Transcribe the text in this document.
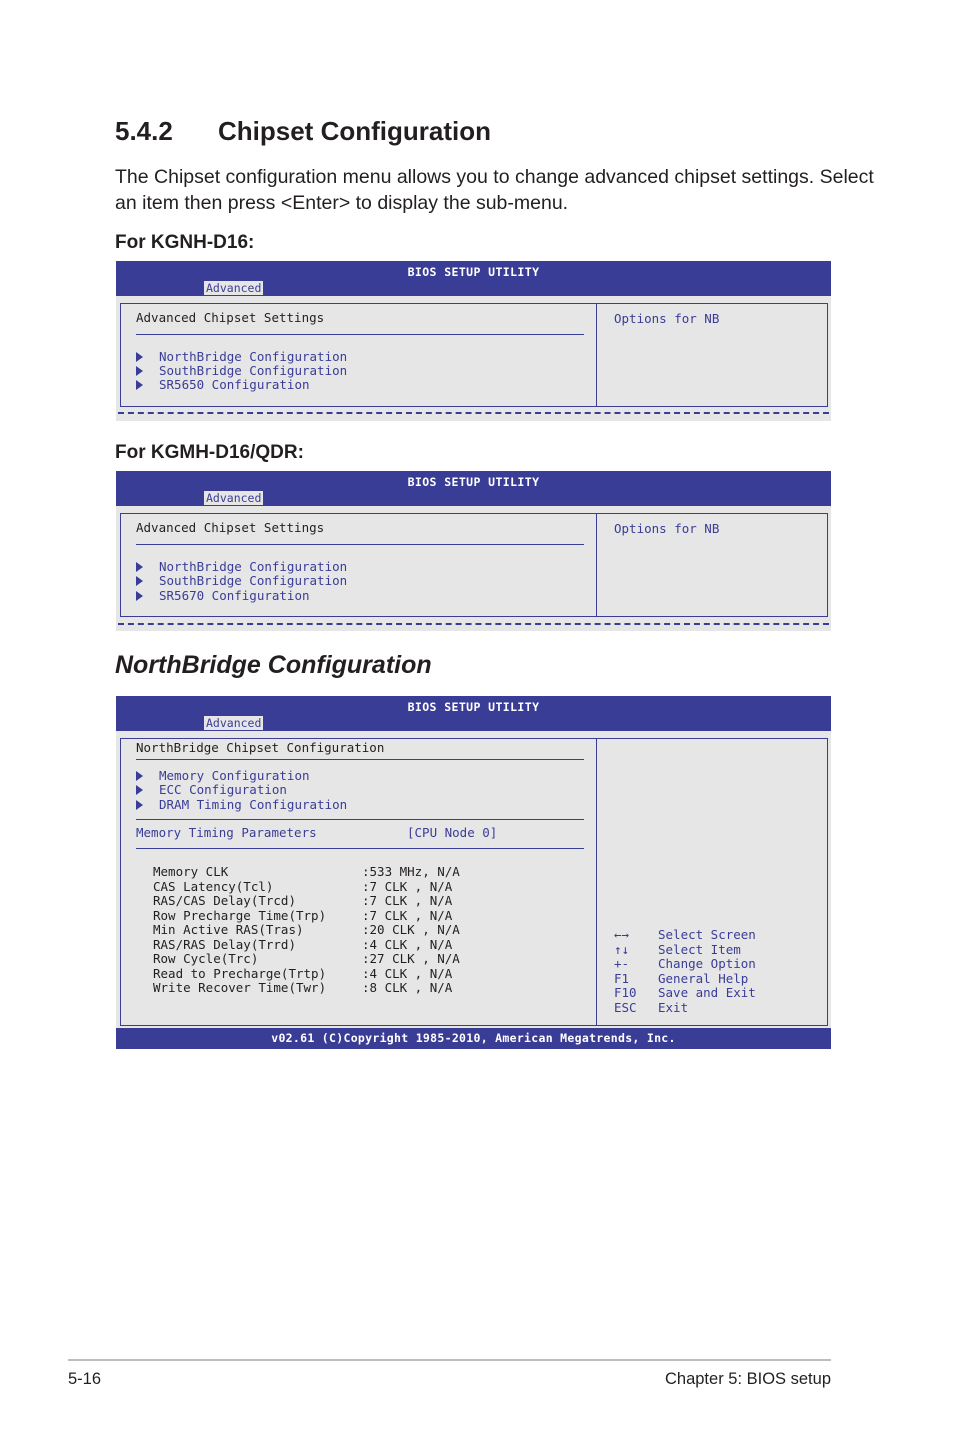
5.4.2 Chipset Configuration
The Chipset configuration menu allows you to change advanced chipset settings. Select an item then press <Enter> to display the sub-menu.
For KGNH-D16:
BIOS SETUP UTILITY
Advanced
Advanced Chipset Settings
NorthBridge Configuration
SouthBridge Configuration
SR5650 Configuration
Options for NB
For KGMH-D16/QDR:
BIOS SETUP UTILITY
Advanced
Advanced Chipset Settings
NorthBridge Configuration
SouthBridge Configuration
SR5670 Configuration
Options for NB
NorthBridge Configuration
BIOS SETUP UTILITY
Advanced
NorthBridge Chipset Configuration
Memory Configuration
ECC Configuration
DRAM Timing Configuration
Memory Timing Parameters	[CPU Node 0]
Memory CLK	:533 MHz, N/A
CAS Latency(Tcl)	:7 CLK , N/A
RAS/CAS Delay(Trcd)	:7 CLK , N/A
Row Precharge Time(Trp)	:7 CLK , N/A
Min Active RAS(Tras)	:20 CLK , N/A
RAS/RAS Delay(Trrd)	:4 CLK , N/A
Row Cycle(Trc)	:27 CLK , N/A
Read to Precharge(Trtp)	:4 CLK , N/A
Write Recover Time(Twr)	:8 CLK , N/A
←→ Select Screen
↑↓ Select Item
+- Change Option
F1 General Help
F10 Save and Exit
ESC Exit
v02.61 (C)Copyright 1985-2010, American Megatrends, Inc.
5-16	Chapter 5: BIOS setup
